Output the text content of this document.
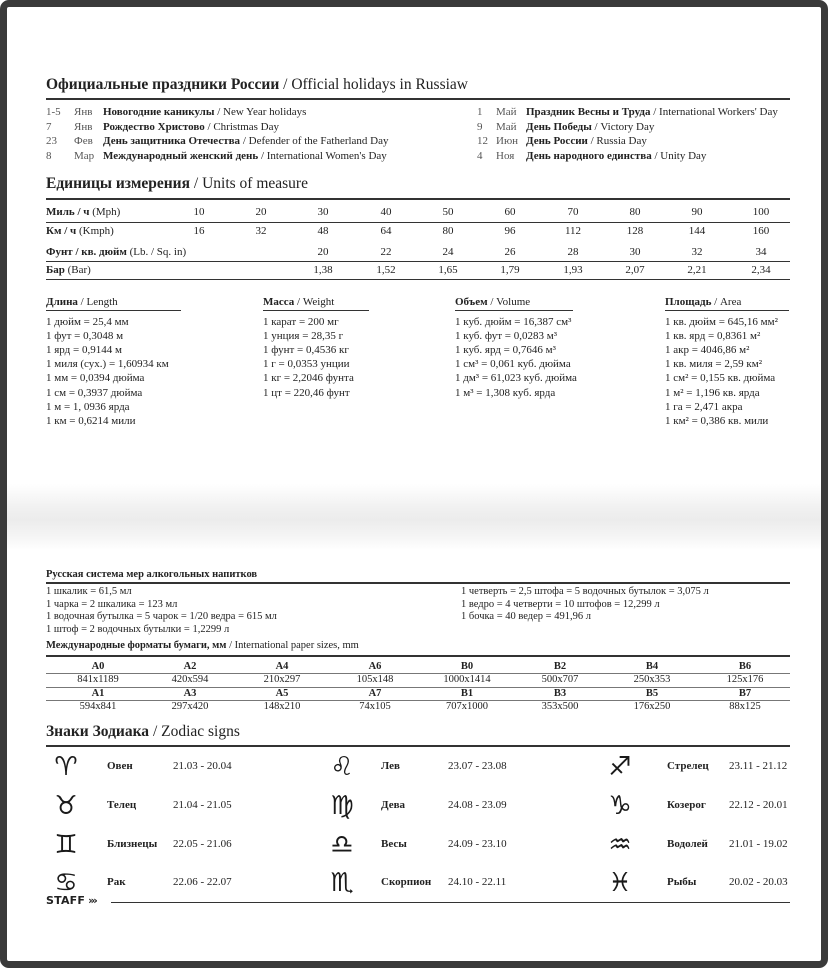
Официальные праздники России / Official holidays in Russiaw
1-5 Янв Новогодние каникулы / New Year holidays
7 Янв Рождество Христово / Christmas Day
23 Фев День защитника Отечества / Defender of the Fatherland Day
8 Мар Международный женский день / International Women's Day
1 Май Праздник Весны и Труда / International Workers' Day
9 Май День Победы / Victory Day
12 Июн День России / Russia Day
4 Ноя День народного единства / Unity Day
Единицы измерения / Units of measure
Миль / ч (Mph)	10	20	30	40	50	60	70	80	90	100
Км / ч (Kmph)	16	32	48	64	80	96	112	128	144	160
Фунт / кв. дюйм (Lb. / Sq. in)	20	22	24	26	28	30	32	34
Бар (Bar)	1,38	1,52	1,65	1,79	1,93	2,07	2,21	2,34
Длина / Length
1 дюйм = 25,4 мм
1 фут = 0,3048 м
1 ярд = 0,9144 м
1 миля (сух.) = 1,60934 км
1 мм = 0,0394 дюйма
1 см = 0,3937 дюйма
1 м = 1, 0936 ярда
1 км = 0,6214 мили
Масса / Weight
1 карат = 200 мг
1 унция = 28,35 г
1 фунт = 0,4536 кг
1 г = 0,0353 унции
1 кг = 2,2046 фунта
1 цт = 220,46 фунт
Объем / Volume
1 куб. дюйм = 16,387 см³
1 куб. фут = 0,0283 м³
1 куб. ярд = 0,7646 м³
1 см³ = 0,061 куб. дюйма
1 дм³ = 61,023 куб. дюйма
1 м³ = 1,308 куб. ярда
Площадь / Area
1 кв. дюйм = 645,16 мм²
1 кв. ярд = 0,8361 м²
1 акр = 4046,86 м²
1 кв. миля = 2,59 км²
1 см² = 0,155 кв. дюйма
1 м² = 1,196 кв. ярда
1 га = 2,471 акра
1 км² = 0,386 кв. мили
Русская система мер алкогольных напитков
1 шкалик = 61,5 мл
1 чарка = 2 шкалика = 123 мл
1 водочная бутылка = 5 чарок = 1/20 ведра = 615 мл
1 штоф = 2 водочных бутылки = 1,2299 л
1 четверть = 2,5 штофа = 5 водочных бутылок = 3,075 л
1 ведро = 4 четверти = 10 штофов = 12,299 л
1 бочка = 40 ведер = 491,96 л
Международные форматы бумаги, мм / International paper sizes, mm
A0	A2	A4	A6	B0	B2	B4	B6
841x1189	420x594	210x297	105x148	1000x1414	500x707	250x353	125x176
A1	A3	A5	A7	B1	B3	B5	B7
594x841	297x420	148x210	74x105	707x1000	353x500	176x250	88x125
Знаки Зодиака / Zodiac signs
♈	Овен	21.03 - 20.04
♉	Телец	21.04 - 21.05
♊	Близнецы 22.05 - 21.06
♋	Рак	22.06 - 22.07
♌	Лев	23.07 - 23.08
♍	Дева	24.08 - 23.09
♎	Весы	24.09 - 23.10
♏	Скорпион 24.10 - 22.11
♐	Стрелец 23.11 - 21.12
♑	Козерог 22.12 - 20.01
♒	Водолей 21.01 - 19.02
♓	Рыбы	20.02 - 20.03
STAFF ›››
